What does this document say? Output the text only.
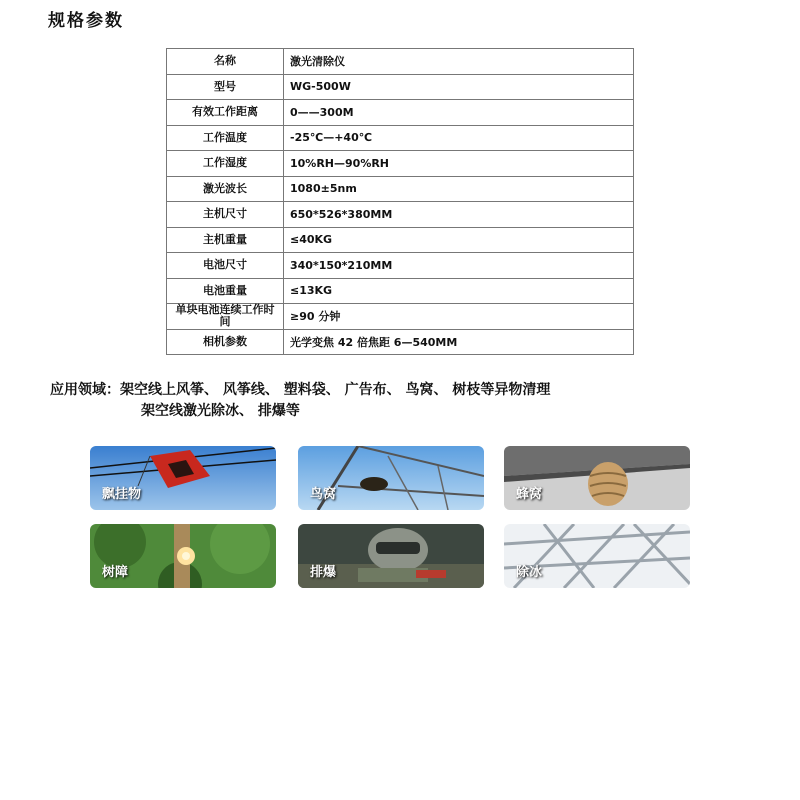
规格参数
名称	激光清除仪
型号	WG-500W
有效工作距离	0——300M
工作温度	-25℃—+40℃
工作湿度	10%RH—90%RH
激光波长	1080±5nm
主机尺寸	650*526*380MM
主机重量	≤40KG
电池尺寸	340*150*210MM
电池重量	≤13KG
单块电池连续工作时间	≥90 分钟
相机参数	光学变焦 42 倍焦距 6—540MM
应用领域：架空线上风筝、 风筝线、 塑料袋、 广告布、 鸟窝、 树枝等异物清理
架空线激光除冰、 排爆等
飘挂物	鸟窝	蜂窝
树障	排爆	除冰
